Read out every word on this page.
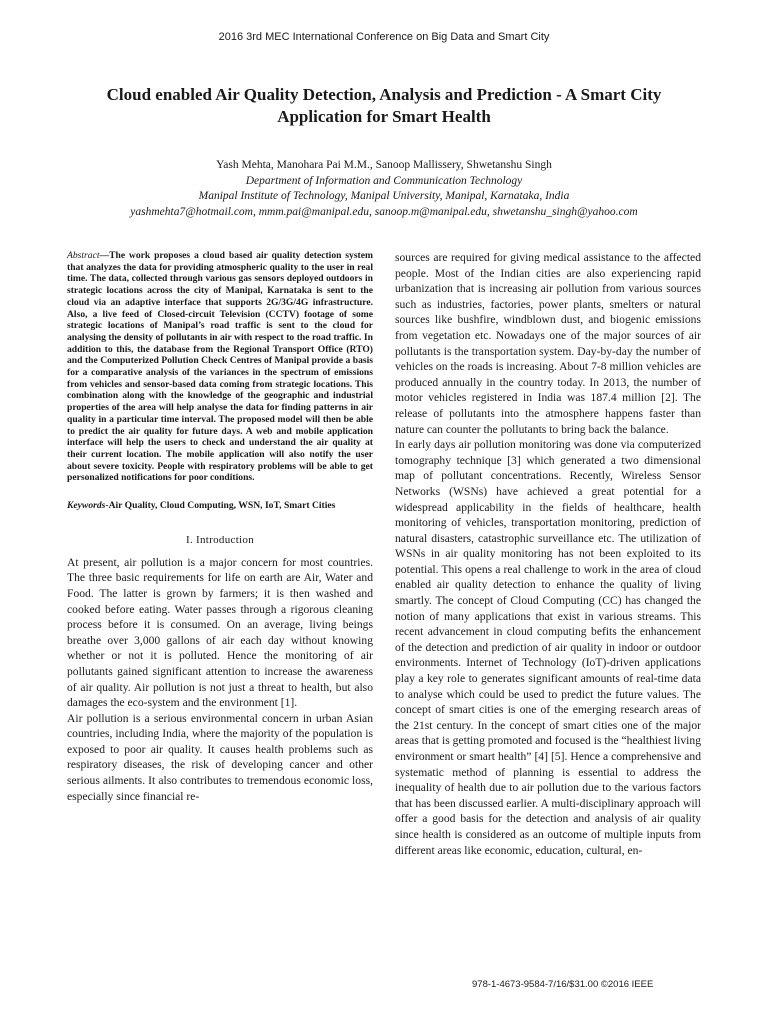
2016 3rd MEC International Conference on Big Data and Smart City
Cloud enabled Air Quality Detection, Analysis and Prediction - A Smart City
Application for Smart Health
Yash Mehta, Manohara Pai M.M., Sanoop Mallissery, Shwetanshu Singh
Department of Information and Communication Technology
Manipal Institute of Technology, Manipal University, Manipal, Karnataka, India
yashmehta7@hotmail.com, mmm.pai@manipal.edu, sanoop.m@manipal.edu, shwetanshu_singh@yahoo.com

Abstract—The work proposes a cloud based air quality detection system that analyzes the data for providing atmospheric quality to the user in real time. The data, collected through various gas sensors deployed outdoors in strategic locations across the city of Manipal, Karnataka is sent to the cloud via an adaptive interface that supports 2G/3G/4G infrastructure. Also, a live feed of Closed-circuit Television (CCTV) footage of some strategic locations of Manipal’s road traffic is sent to the cloud for analysing the density of pollutants in air with respect to the road traffic. In addition to this, the database from the Regional Transport Office (RTO) and the Computerized Pollution Check Centres of Manipal provide a basis for a comparative analysis of the variances in the spectrum of emissions from vehicles and sensor-based data coming from strategic locations. This combination along with the knowledge of the geographic and industrial properties of the area will help analyse the data for finding patterns in air quality in a particular time interval. The proposed model will then be able to predict the air quality for future days. A web and mobile application interface will help the users to check and understand the air quality at their current location. The mobile application will also notify the user about severe toxicity. People with respiratory problems will be able to get personalized notifications for poor conditions.

Keywords-Air Quality, Cloud Computing, WSN, IoT, Smart Cities

I. Introduction

At present, air pollution is a major concern for most countries. The three basic requirements for life on earth are Air, Water and Food. The latter is grown by farmers; it is then washed and cooked before eating. Water passes through a rigorous cleaning process before it is consumed. On an average, living beings breathe over 3,000 gallons of air each day without knowing whether or not it is polluted. Hence the monitoring of air pollutants gained significant attention to increase the awareness of air quality. Air pollution is not just a threat to health, but also damages the eco-system and the environment [1].

Air pollution is a serious environmental concern in urban Asian countries, including India, where the majority of the population is exposed to poor air quality. It causes health problems such as respiratory diseases, the risk of developing cancer and other serious ailments. It also contributes to tremendous economic loss, especially since financial re-

sources are required for giving medical assistance to the affected people. Most of the Indian cities are also experiencing rapid urbanization that is increasing air pollution from various sources such as industries, factories, power plants, smelters or natural sources like bushfire, windblown dust, and biogenic emissions from vegetation etc. Nowadays one of the major sources of air pollutants is the transportation system. Day-by-day the number of vehicles on the roads is increasing. About 7-8 million vehicles are produced annually in the country today. In 2013, the number of motor vehicles registered in India was 187.4 million [2]. The release of pollutants into the atmosphere happens faster than nature can counter the pollutants to bring back the balance.

In early days air pollution monitoring was done via computerized tomography technique [3] which generated a two dimensional map of pollutant concentrations. Recently, Wireless Sensor Networks (WSNs) have achieved a great potential for a widespread applicability in the fields of healthcare, health monitoring of vehicles, transportation monitoring, prediction of natural disasters, catastrophic surveillance etc. The utilization of WSNs in air quality monitoring has not been exploited to its potential. This opens a real challenge to work in the area of cloud enabled air quality detection to enhance the quality of living smartly. The concept of Cloud Computing (CC) has changed the notion of many applications that exist in various streams. This recent advancement in cloud computing befits the enhancement of the detection and prediction of air quality in indoor or outdoor environments. Internet of Technology (IoT)-driven applications play a key role to generates significant amounts of real-time data to analyse which could be used to predict the future values. The concept of smart cities is one of the emerging research areas of the 21st century. In the concept of smart cities one of the major areas that is getting promoted and focused is the “healthiest living environment or smart health” [4] [5]. Hence a comprehensive and systematic method of planning is essential to address the inequality of health due to air pollution due to the various factors that has been discussed earlier. A multi-disciplinary approach will offer a good basis for the detection and analysis of air quality since health is considered as an outcome of multiple inputs from different areas like economic, education, cultural, en-

978-1-4673-9584-7/16/$31.00 ©2016 IEEE
